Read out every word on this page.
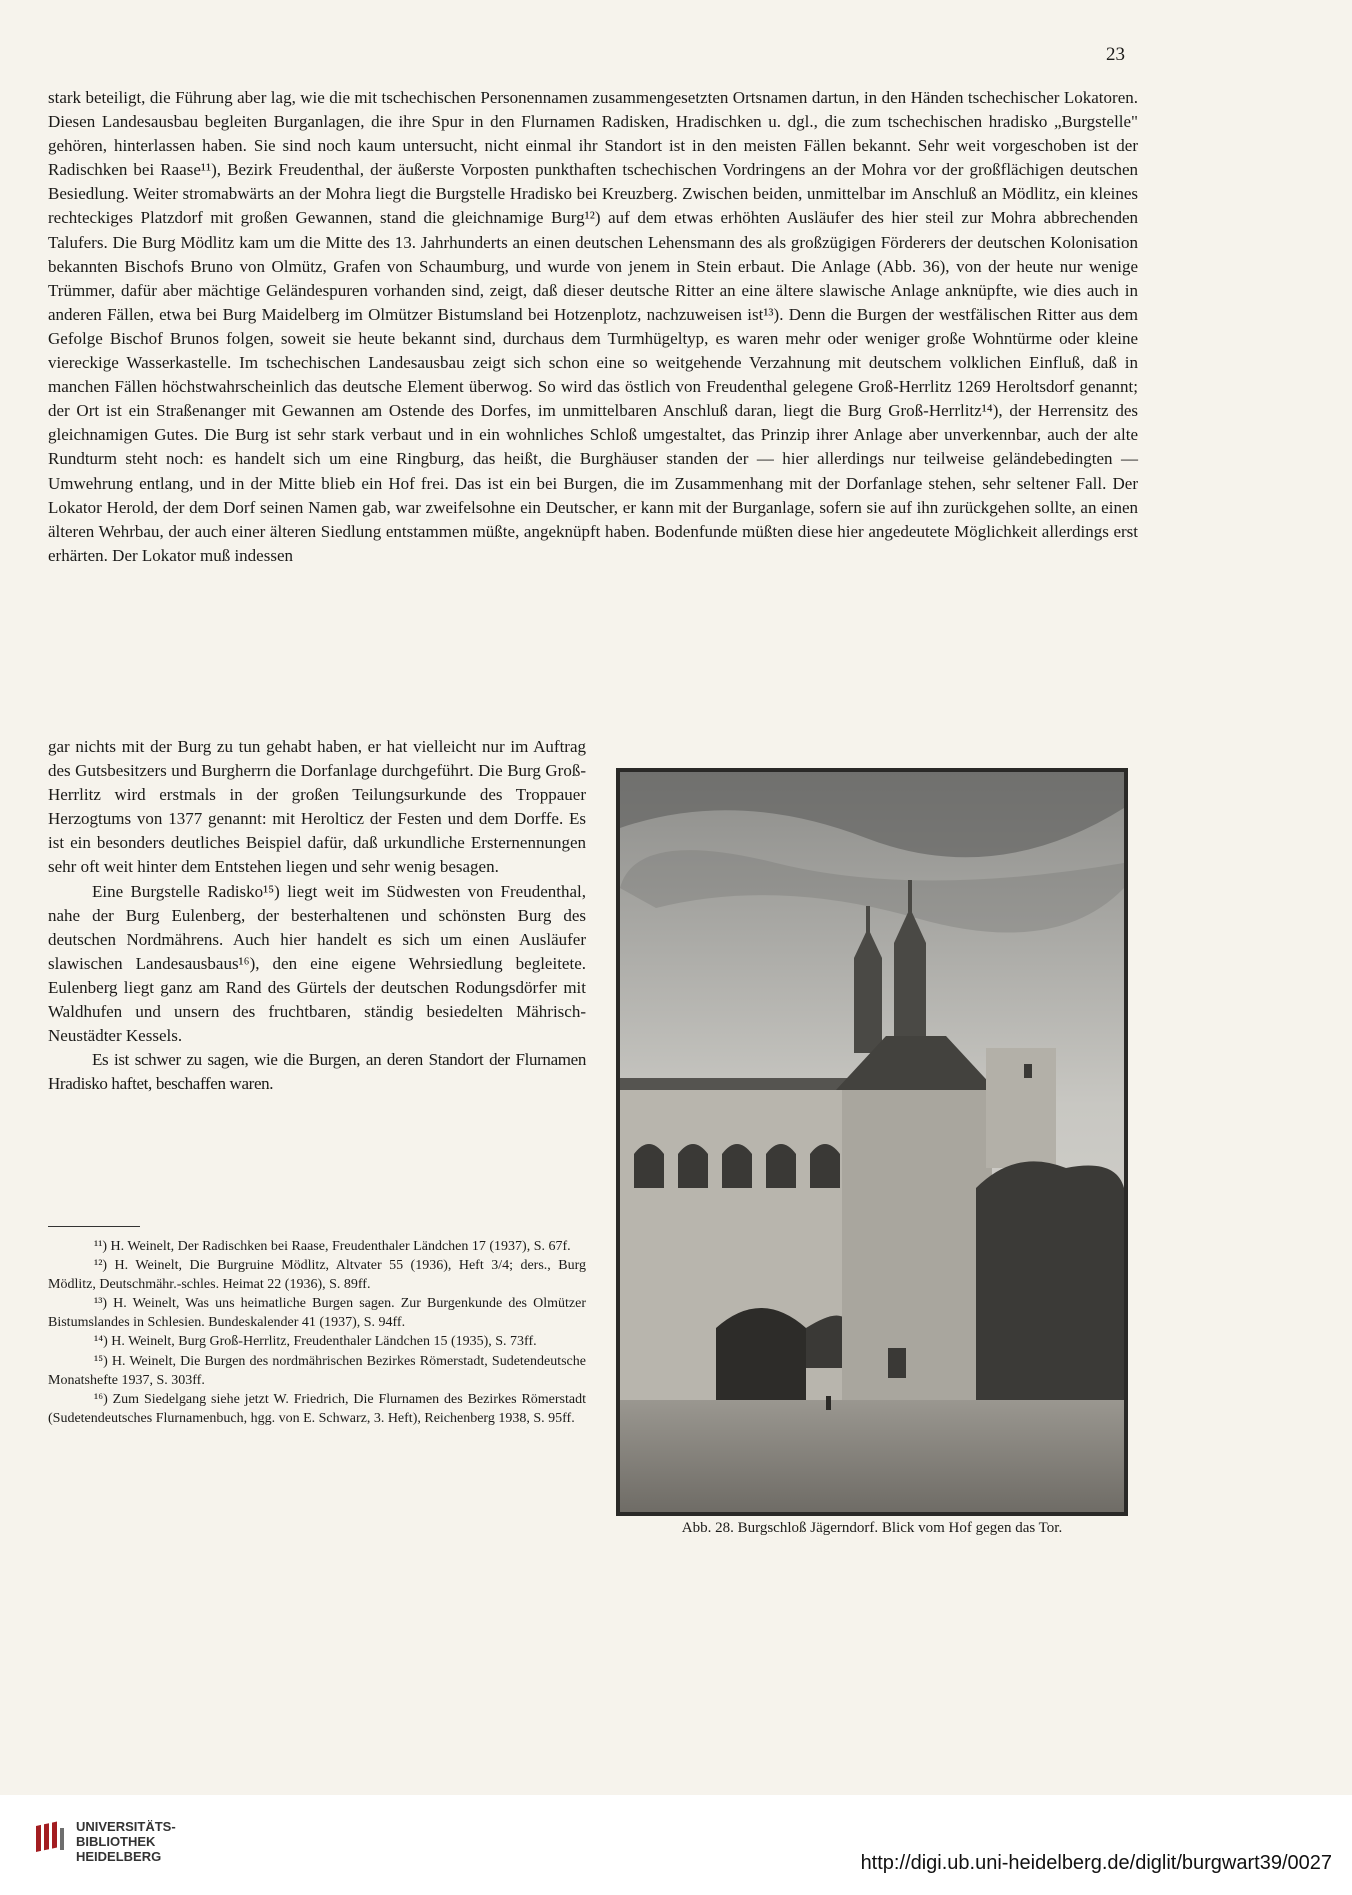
23

stark beteiligt, die Führung aber lag, wie die mit tschechischen Personennamen zusammengesetzten Ortsnamen dartun, in den Händen tschechischer Lokatoren. Diesen Landesausbau begleiten Burganlagen, die ihre Spur in den Flurnamen Radisken, Hradischken u. dgl., die zum tschechischen hradisko „Burgstelle" gehören, hinterlassen haben. Sie sind noch kaum untersucht, nicht einmal ihr Standort ist in den meisten Fällen bekannt. Sehr weit vorgeschoben ist der Radischken bei Raase¹¹), Bezirk Freudenthal, der äußerste Vorposten punkthaften tschechischen Vordringens an der Mohra vor der großflächigen deutschen Besiedlung. Weiter stromabwärts an der Mohra liegt die Burgstelle Hradisko bei Kreuzberg. Zwischen beiden, unmittelbar im Anschluß an Mödlitz, ein kleines rechteckiges Platzdorf mit großen Gewannen, stand die gleichnamige Burg¹²) auf dem etwas erhöhten Ausläufer des hier steil zur Mohra abbrechenden Talufers. Die Burg Mödlitz kam um die Mitte des 13. Jahrhunderts an einen deutschen Lehensmann des als großzügigen Förderers der deutschen Kolonisation bekannten Bischofs Bruno von Olmütz, Grafen von Schaumburg, und wurde von jenem in Stein erbaut. Die Anlage (Abb. 36), von der heute nur wenige Trümmer, dafür aber mächtige Geländespuren vorhanden sind, zeigt, daß dieser deutsche Ritter an eine ältere slawische Anlage anknüpfte, wie dies auch in anderen Fällen, etwa bei Burg Maidelberg im Olmützer Bistumsland bei Hotzenplotz, nachzuweisen ist¹³). Denn die Burgen der westfälischen Ritter aus dem Gefolge Bischof Brunos folgen, soweit sie heute bekannt sind, durchaus dem Turmhügeltyp, es waren mehr oder weniger große Wohntürme oder kleine viereckige Wasserkastelle. Im tschechischen Landesausbau zeigt sich schon eine so weitgehende Verzahnung mit deutschem volklichen Einfluß, daß in manchen Fällen höchstwahrscheinlich das deutsche Element überwog. So wird das östlich von Freudenthal gelegene Groß-Herrlitz 1269 Heroltsdorf genannt; der Ort ist ein Straßenanger mit Gewannen am Ostende des Dorfes, im unmittelbaren Anschluß daran, liegt die Burg Groß-Herrlitz¹⁴), der Herrensitz des gleichnamigen Gutes. Die Burg ist sehr stark verbaut und in ein wohnliches Schloß umgestaltet, das Prinzip ihrer Anlage aber unverkennbar, auch der alte Rundturm steht noch: es handelt sich um eine Ringburg, das heißt, die Burghäuser standen der — hier allerdings nur teilweise geländebedingten — Umwehrung entlang, und in der Mitte blieb ein Hof frei. Das ist ein bei Burgen, die im Zusammenhang mit der Dorfanlage stehen, sehr seltener Fall. Der Lokator Herold, der dem Dorf seinen Namen gab, war zweifelsohne ein Deutscher, er kann mit der Burganlage, sofern sie auf ihn zurückgehen sollte, an einen älteren Wehrbau, der auch einer älteren Siedlung entstammen müßte, angeknüpft haben. Bodenfunde müßten diese hier angedeutete Möglichkeit allerdings erst erhärten. Der Lokator muß indessen

gar nichts mit der Burg zu tun gehabt haben, er hat vielleicht nur im Auftrag des Gutsbesitzers und Burgherrn die Dorfanlage durchgeführt. Die Burg Groß-Herrlitz wird erstmals in der großen Teilungsurkunde des Troppauer Herzogtums von 1377 genannt: mit Herolticz der Festen und dem Dorffe. Es ist ein besonders deutliches Beispiel dafür, daß urkundliche Ersternennungen sehr oft weit hinter dem Entstehen liegen und sehr wenig besagen.

Eine Burgstelle Radisko¹⁵) liegt weit im Südwesten von Freudenthal, nahe der Burg Eulenberg, der besterhaltenen und schönsten Burg des deutschen Nordmährens. Auch hier handelt es sich um einen Ausläufer slawischen Landesausbaus¹⁶), den eine eigene Wehrsiedlung begleitete. Eulenberg liegt ganz am Rand des Gürtels der deutschen Rodungsdörfer mit Waldhufen und unsern des fruchtbaren, ständig besiedelten Mährisch-Neustädter Kessels.

Es ist schwer zu sagen, wie die Burgen, an deren Standort der Flurnamen Hradisko haftet, beschaffen waren.

¹¹) H. Weinelt, Der Radischken bei Raase, Freudenthaler Ländchen 17 (1937), S. 67f.

¹²) H. Weinelt, Die Burgruine Mödlitz, Altvater 55 (1936), Heft 3/4; ders., Burg Mödlitz, Deutschmähr.-schles. Heimat 22 (1936), S. 89ff.

¹³) H. Weinelt, Was uns heimatliche Burgen sagen. Zur Burgenkunde des Olmützer Bistumslandes in Schlesien. Bundeskalender 41 (1937), S. 94ff.

¹⁴) H. Weinelt, Burg Groß-Herrlitz, Freudenthaler Ländchen 15 (1935), S. 73ff.

¹⁵) H. Weinelt, Die Burgen des nordmährischen Bezirkes Römerstadt, Sudetendeutsche Monatshefte 1937, S. 303ff.

¹⁶) Zum Siedelgang siehe jetzt W. Friedrich, Die Flurnamen des Bezirkes Römerstadt (Sudetendeutsches Flurnamenbuch, hgg. von E. Schwarz, 3. Heft), Reichenberg 1938, S. 95ff.

Abb. 28. Burgschloß Jägerndorf. Blick vom Hof gegen das Tor.

UNIVERSITÄTS-
BIBLIOTHEK
HEIDELBERG	http://digi.ub.uni-heidelberg.de/diglit/burgwart39/0027
